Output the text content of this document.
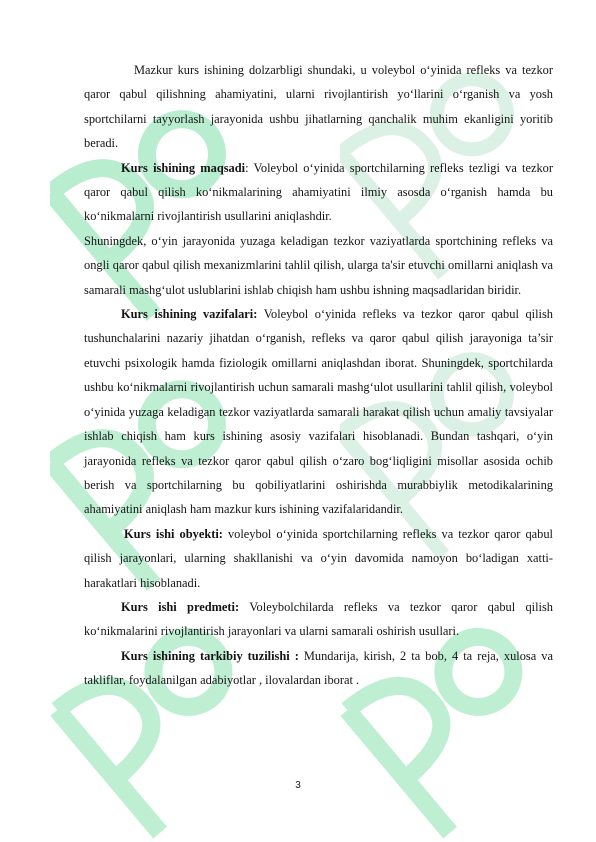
Mazkur kurs ishining dolzarbligi shundaki, u voleybol o‘yinida refleks va tezkor qaror qabul qilishning ahamiyatini, ularni rivojlantirish yo‘llarini o‘rganish va yosh sportchilarni tayyorlash jarayonida ushbu jihatlarning qanchalik muhim ekanligini yoritib beradi.

Kurs ishining maqsadi: Voleybol o‘yinida sportchilarning refleks tezligi va tezkor qaror qabul qilish ko‘nikmalarining ahamiyatini ilmiy asosda o‘rganish hamda bu ko‘nikmalarni rivojlantirish usullarini aniqlashdir.

Shuningdek, o‘yin jarayonida yuzaga keladigan tezkor vaziyatlarda sportchining refleks va ongli qaror qabul qilish mexanizmlarini tahlil qilish, ularga ta'sir etuvchi omillarni aniqlash va samarali mashg‘ulot uslublarini ishlab chiqish ham ushbu ishning maqsadlaridan biridir.

Kurs ishining vazifalari: Voleybol o‘yinida refleks va tezkor qaror qabul qilish tushunchalarini nazariy jihatdan o‘rganish, refleks va qaror qabul qilish jarayoniga ta’sir etuvchi psixologik hamda fiziologik omillarni aniqlashdan iborat. Shuningdek, sportchilarda ushbu ko‘nikmalarni rivojlantirish uchun samarali mashg‘ulot usullarini tahlil qilish, voleybol o‘yinida yuzaga keladigan tezkor vaziyatlarda samarali harakat qilish uchun amaliy tavsiyalar ishlab chiqish ham kurs ishining asosiy vazifalari hisoblanadi. Bundan tashqari, o‘yin jarayonida refleks va tezkor qaror qabul qilish o‘zaro bog‘liqligini misollar asosida ochib berish va sportchilarning bu qobiliyatlarini oshirishda murabbiylik metodikalarining ahamiyatini aniqlash ham mazkur kurs ishining vazifalaridandir.

Kurs ishi obyekti: voleybol o‘yinida sportchilarning refleks va tezkor qaror qabul qilish jarayonlari, ularning shakllanishi va o‘yin davomida namoyon bo‘ladigan xatti-harakatlari hisoblanadi.

Kurs ishi predmeti: Voleybolchilarda refleks va tezkor qaror qabul qilish ko‘nikmalarini rivojlantirish jarayonlari va ularni samarali oshirish usullari.

Kurs ishining tarkibiy tuzilishi : Mundarija, kirish, 2 ta bob, 4 ta reja, xulosa va takliflar, foydalanilgan adabiyotlar , ilovalardan iborat .

3
